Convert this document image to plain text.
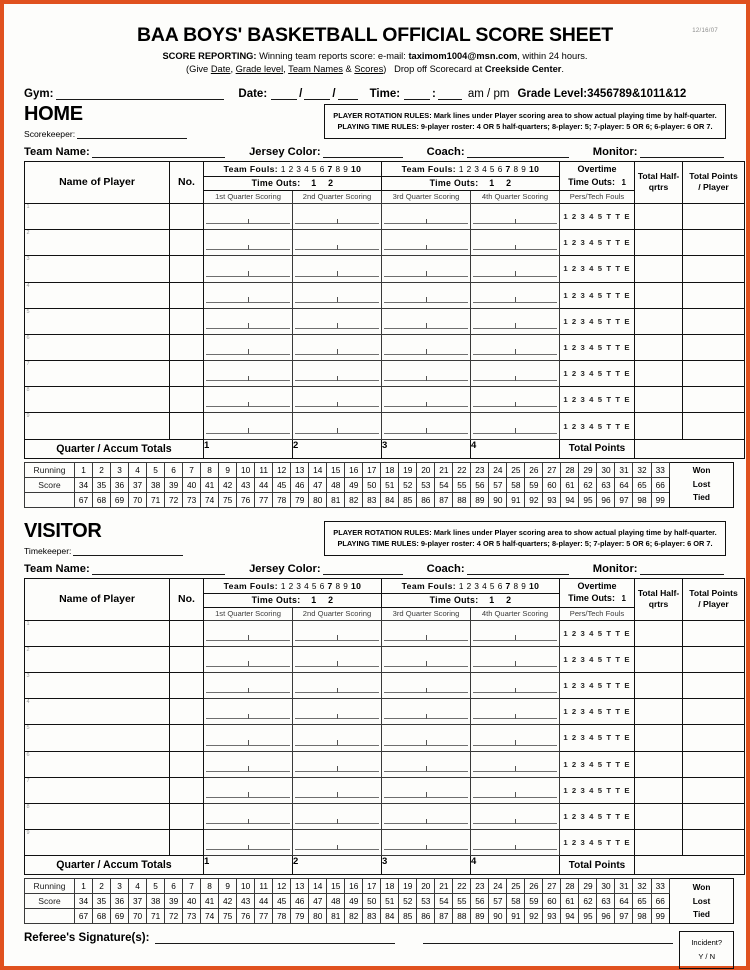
12/16/07
BAA BOYS' BASKETBALL OFFICIAL SCORE SHEET
SCORE REPORTING: Winning team reports score: e-mail: taximom1004@msn.com, within 24 hours.
(Give Date, Grade level, Team Names & Scores) Drop off Scorecard at Creekside Center.
Gym:	Date:	/	/	Time:	:	am / pm Grade Level: 3 4 5 6 7 8 9&10 11&12
HOME
Scorekeeper:
PLAYER ROTATION RULES: Mark lines under Player scoring area to show actual playing time by half-quarter.
PLAYING TIME RULES: 9-player roster: 4 OR 5 half-quarters; 8-player: 5; 7-player: 5 OR 6; 6-player: 6 OR 7.
Team Name:	Jersey Color:	Coach:	Monitor:
Name of Player	No.	Team Fouls: 1 2 3 4 5 6 7 8 9 10	Team Fouls: 1 2 3 4 5 6 7 8 9 10	Overtime
Time Outs: 1

Total Half-
qrtrs

Total Points
/ Player

		Time Outs: 1 2		Time Outs: 1 2				
		1st Quarter Scoring	2nd Quarter Scoring	3rd Quarter Scoring	4th Quarter Scoring	Pers/Tech Fouls		

1						1 2 3 4 5 T T E		

2						1 2 3 4 5 T T E		

3						1 2 3 4 5 T T E		

4						1 2 3 4 5 T T E		

5						1 2 3 4 5 T T E		

6						1 2 3 4 5 T T E		

7						1 2 3 4 5 T T E		

8						1 2 3 4 5 T T E		

9						1 2 3 4 5 T T E		
Quarter / Accum Totals		1	2	3	4	Total Points		
Running	1	2	3	4	5	6	7	8	9	10	11	12	13	14	15	16	17	18	19	20	21	22	23	24	25	26	27	28	29	30	31	32	33	Won
Lost
Tied

Score	34	35	36	37	38	39	40	41	42	43	44	45	46	47	48	49	50	51	52	53	54	55	56	57	58	59	60	61	62	63	64	65	66	
	67	68	69	70	71	72	73	74	75	76	77	78	79	80	81	82	83	84	85	86	87	88	89	90	91	92	93	94	95	96	97	98	99	
VISITOR
Timekeeper:
PLAYER ROTATION RULES: Mark lines under Player scoring area to show actual playing time by half-quarter.
PLAYING TIME RULES: 9-player roster: 4 OR 5 half-quarters; 8-player: 5; 7-player: 5 OR 6; 6-player: 6 OR 7.
Team Name:	Jersey Color:	Coach:	Monitor:
Name of Player	No.	Team Fouls: 1 2 3 4 5 6 7 8 9 10	Team Fouls: 1 2 3 4 5 6 7 8 9 10	Overtime
Time Outs: 1

Total Half-
qrtrs

Total Points
/ Player

		Time Outs: 1 2		Time Outs: 1 2				
		1st Quarter Scoring	2nd Quarter Scoring	3rd Quarter Scoring	4th Quarter Scoring	Pers/Tech Fouls		

1						1 2 3 4 5 T T E		

2						1 2 3 4 5 T T E		

3						1 2 3 4 5 T T E		

4						1 2 3 4 5 T T E		

5						1 2 3 4 5 T T E		

6						1 2 3 4 5 T T E		

7						1 2 3 4 5 T T E		

8						1 2 3 4 5 T T E		

9						1 2 3 4 5 T T E		
Quarter / Accum Totals		1	2	3	4	Total Points		
Running	1	2	3	4	5	6	7	8	9	10	11	12	13	14	15	16	17	18	19	20	21	22	23	24	25	26	27	28	29	30	31	32	33	Won
Lost
Tied

Score	34	35	36	37	38	39	40	41	42	43	44	45	46	47	48	49	50	51	52	53	54	55	56	57	58	59	60	61	62	63	64	65	66	
	67	68	69	70	71	72	73	74	75	76	77	78	79	80	81	82	83	84	85	86	87	88	89	90	91	92	93	94	95	96	97	98	99	
Referee's Signature(s):	Incident?
Y / N
